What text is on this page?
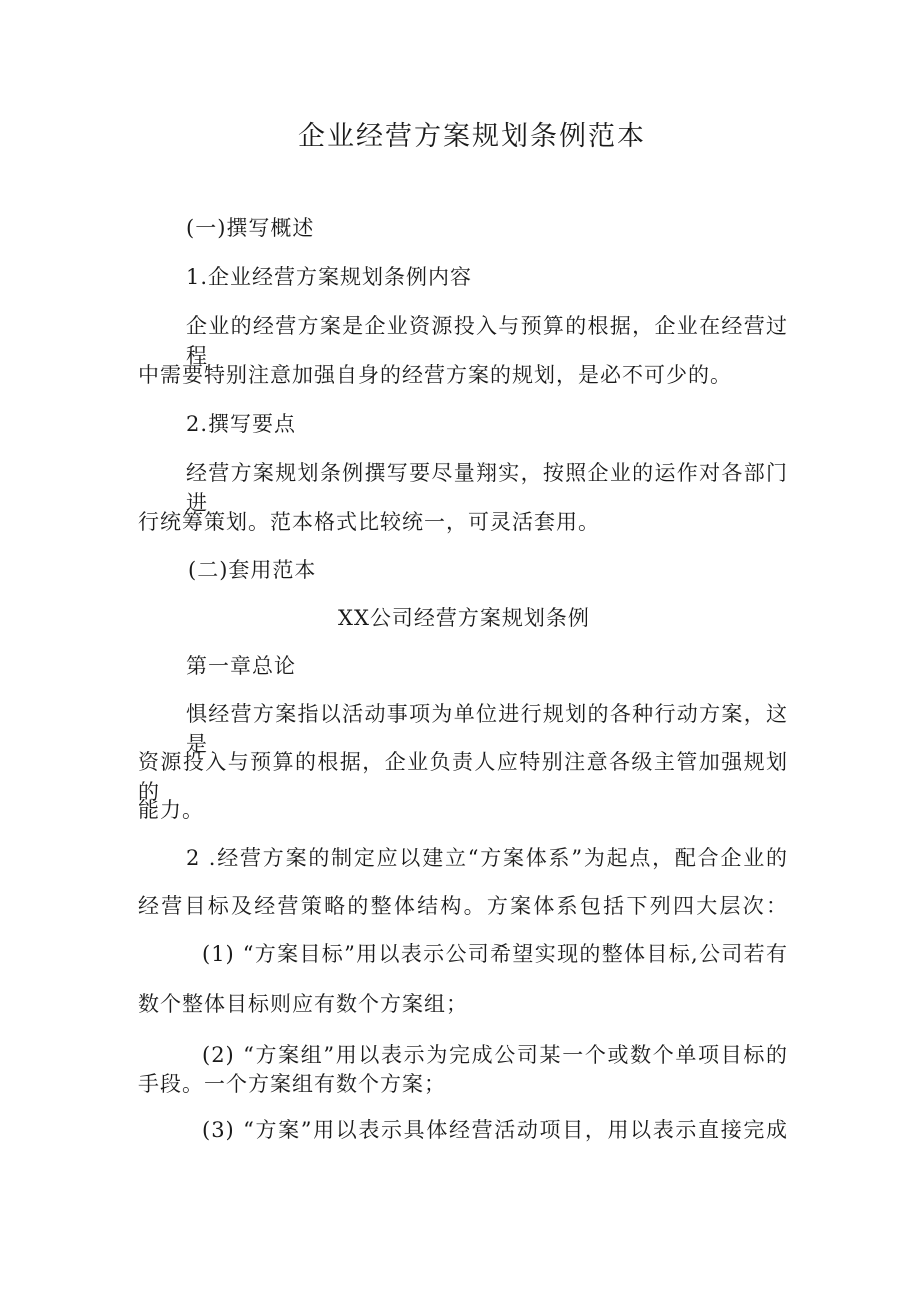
企业经营方案规划条例范本
(一)撰写概述
1.企业经营方案规划条例内容
企业的经营方案是企业资源投入与预算的根据，企业在经营过程
中需要特别注意加强自身的经营方案的规划，是必不可少的。
2.撰写要点
经营方案规划条例撰写要尽量翔实，按照企业的运作对各部门进
行统筹策划。范本格式比较统一，可灵活套用。
(二)套用范本
XX公司经营方案规划条例
第一章总论
惧经营方案指以活动事项为单位进行规划的各种行动方案，这是
资源投入与预算的根据，企业负责人应特别注意各级主管加强规划的
能力。
2 .经营方案的制定应以建立“方案体系”为起点，配合企业的
经营目标及经营策略的整体结构。方案体系包括下列四大层次：
(1) “方案目标”用以表示公司希望实现的整体目标,公司若有
数个整体目标则应有数个方案组；
(2) “方案组”用以表示为完成公司某一个或数个单项目标的
手段。一个方案组有数个方案；
(3) “方案”用以表示具体经营活动项目，用以表示直接完成
